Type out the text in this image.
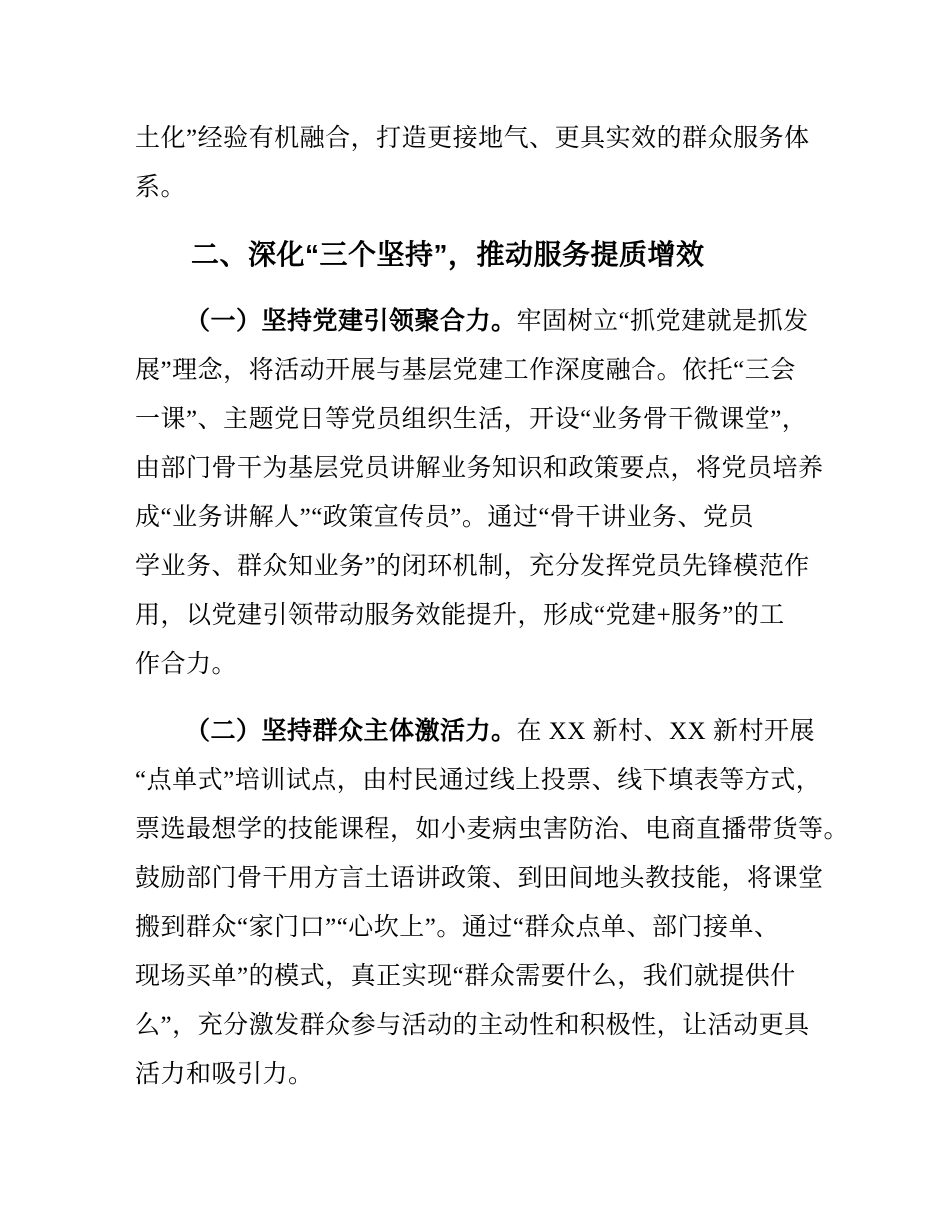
土化”经验有机融合，打造更接地气、更具实效的群众服务体
系。
二、深化“三个坚持”，推动服务提质增效
（一）坚持党建引领聚合力。牢固树立“抓党建就是抓发
展”理念，将活动开展与基层党建工作深度融合。依托“三会
一课”、主题党日等党员组织生活，开设“业务骨干微课堂”，
由部门骨干为基层党员讲解业务知识和政策要点，将党员培养
成“业务讲解人”“政策宣传员”。通过“骨干讲业务、党员
学业务、群众知业务”的闭环机制，充分发挥党员先锋模范作
用，以党建引领带动服务效能提升，形成“党建+服务”的工
作合力。
（二）坚持群众主体激活力。在 XX 新村、XX 新村开展
“点单式”培训试点，由村民通过线上投票、线下填表等方式，
票选最想学的技能课程，如小麦病虫害防治、电商直播带货等。
鼓励部门骨干用方言土语讲政策、到田间地头教技能，将课堂
搬到群众“家门口”“心坎上”。通过“群众点单、部门接单、
现场买单”的模式，真正实现“群众需要什么，我们就提供什
么”，充分激发群众参与活动的主动性和积极性，让活动更具
活力和吸引力。
